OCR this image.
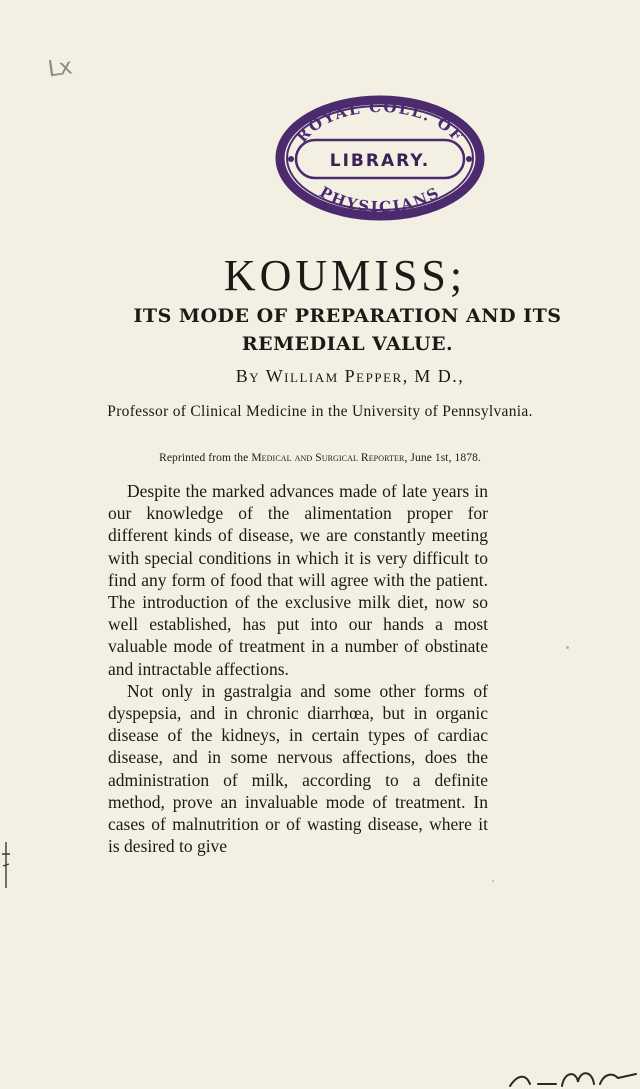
Lx
ROYAL COLL. OF
LIBRARY.
PHYSICIANS
KOUMISS;
ITS MODE OF PREPARATION AND ITS
REMEDIAL VALUE.
By William Pepper, M D.,
Professor of Clinical Medicine in the University of Pennsylvania.
Reprinted from the Medical and Surgical Reporter, June 1st, 1878.

Despite the marked advances made of late years in our knowledge of the alimentation proper for different kinds of disease, we are constantly meeting with special conditions in which it is very difficult to find any form of food that will agree with the patient. The introduction of the exclusive milk diet, now so well established, has put into our hands a most valuable mode of treatment in a number of obstinate and intractable affections.

Not only in gastralgia and some other forms of dyspepsia, and in chronic diarrhœa, but in organic disease of the kidneys, in certain types of cardiac disease, and in some nervous affections, does the administration of milk, according to a definite method, prove an invaluable mode of treatment. In cases of malnutrition or of wasting disease, where it is desired to give
